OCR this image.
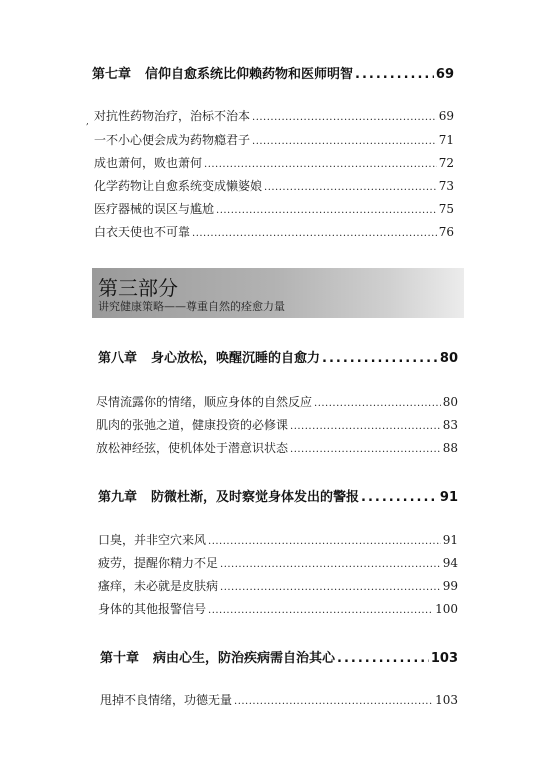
第七章 信仰自愈系统比仰赖药物和医师明智 .....	69
, 对抗性药物治疗，治标不治本 .....	69
一不小心便会成为药物瘾君子 .....	71
成也萧何，败也萧何 .....	72
化学药物让自愈系统变成懒婆娘 .....	73
医疗器械的误区与尴尬 .....	75
白衣天使也不可靠 .....	76
第三部分
讲究健康策略——尊重自然的痊愈力量
第八章 身心放松，唤醒沉睡的自愈力 .....	80
尽情流露你的情绪，顺应身体的自然反应 .....	80
肌肉的张弛之道，健康投资的必修课 .....	83
放松神经弦，使机体处于潜意识状态 .....	88
第九章 防微杜渐，及时察觉身体发出的警报 .....	91
口臭，并非空穴来风 .....	91
疲劳，提醒你精力不足 .....	94
瘙痒，未必就是皮肤病 .....	99
身体的其他报警信号 .....	100
第十章 病由心生，防治疾病需自治其心 .....	103
甩掉不良情绪，功德无量 .....	103
